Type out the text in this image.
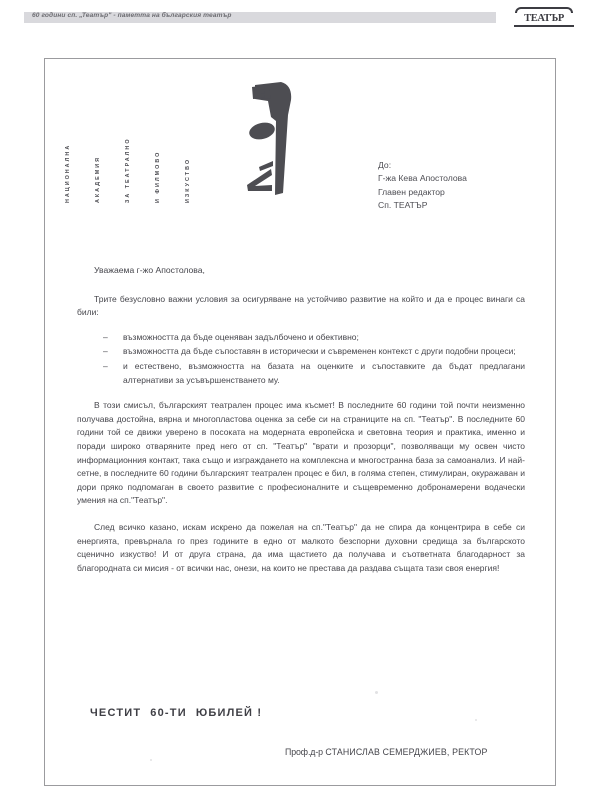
60 години сп. „Театър" - паметта на българския театър	ТЕАТЪР
НАЦИОНАЛНА	АКАДЕМИЯ	ЗА ТЕАТРАЛНО	И ФИЛМОВО	ИЗКУСТВО	До:
Г-жа Кева Апостолова
Главен редактор
Сп. ТЕАТЪР

Уважаема г-жо Апостолова,

Трите безусловно важни условия за осигуряване на устойчиво развитие на който и да е процес винаги са били:

– възможността да бъде оценяван задълбочено и обективно;
– възможността да бъде съпоставян в исторически и съвременен контекст с други подобни процеси;
– и естествено, възможността на базата на оценките и съпоставките да бъдат предлагани алтернативи за усъвършенстването му.

В този смисъл, българският театрален процес има късмет! В последните 60 години той почти неизменно получава достойна, вярна и многопластова оценка за себе си на страниците на сп. "Театър". В последните 60 години той се движи уверено в посоката на модерната европейска и световна теория и практика, именно и поради широко отваряните пред него от сп. "Театър" "врати и прозорци", позволяващи му освен чисто информационния контакт, така също и изграждането на комплексна и многостранна база за самоанализ. И най-сетне, в последните 60 години българският театрален процес е бил, в голяма степен, стимулиран, окуражаван и дори пряко подпомаган в своето развитие с професионалните и същевременно добронамерени водачески умения на сп."Театър".

След всичко казано, искам искрено да пожелая на сп."Театър" да не спира да концентрира в себе си енергията, превърнала го през годините в едно от малкото безспорни духовни средища за българското сценично изкуство! И от друга страна, да има щастието да получава и съответната благодарност за благородната си мисия - от всички нас, онези, на които не престава да раздава същата тази своя енергия!

ЧЕСТИТ 60-ТИ ЮБИЛЕЙ !
Проф.д-р СТАНИСЛАВ СЕМЕРДЖИЕВ, РЕКТОР
